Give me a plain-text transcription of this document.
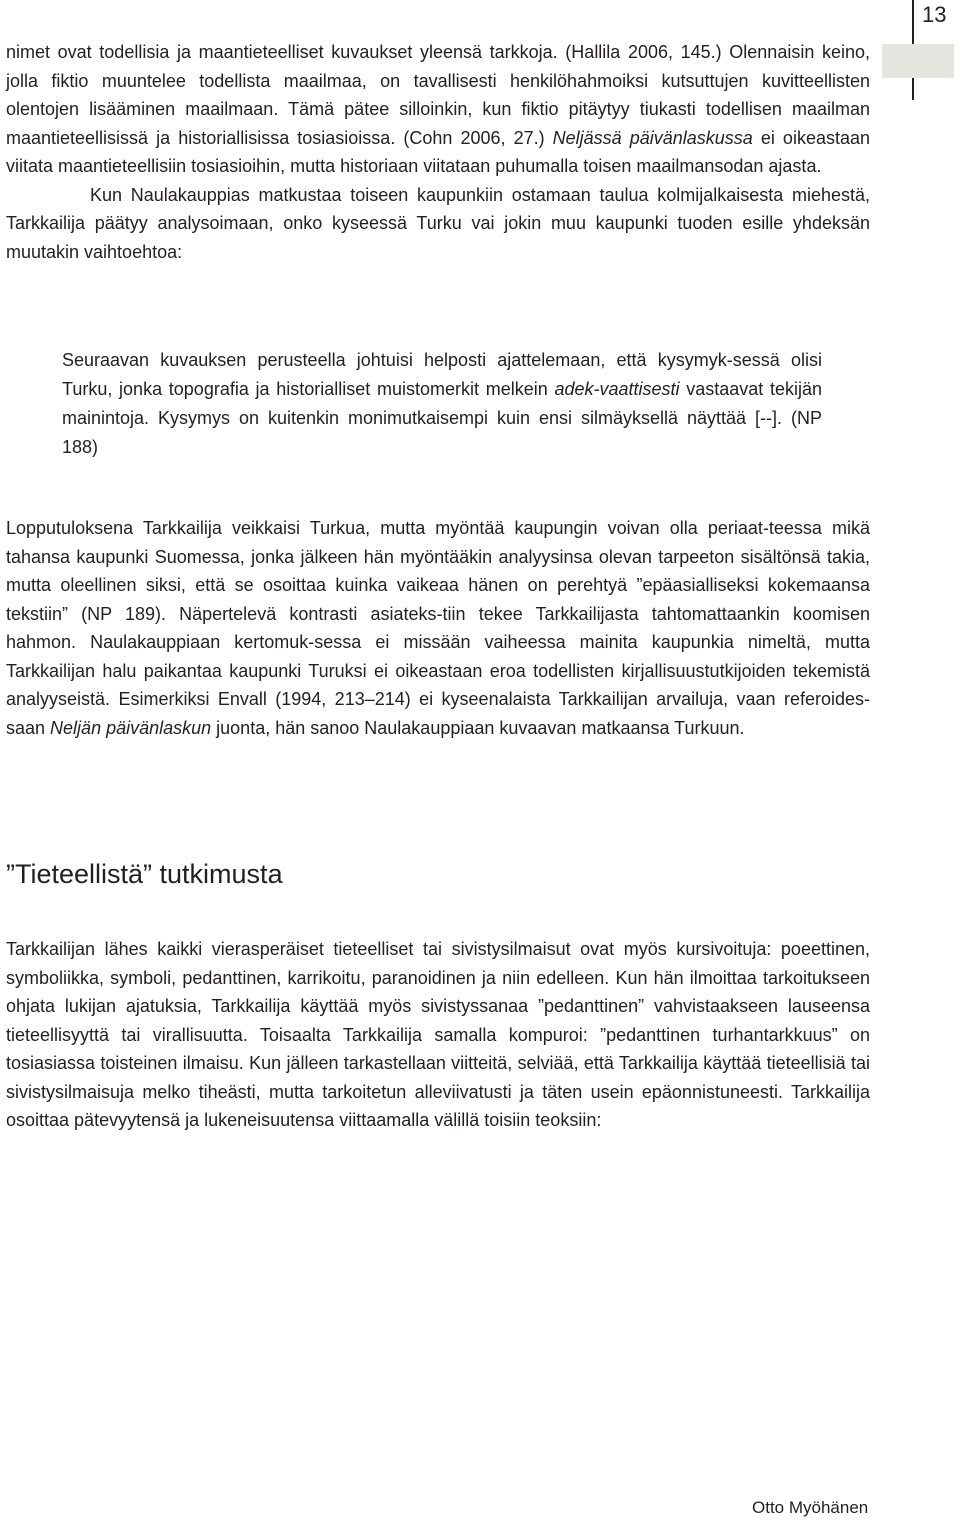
13

nimet ovat todellisia ja maantieteelliset kuvaukset yleensä tarkkoja. (Hallila 2006, 145.) Olennaisin keino, jolla fiktio muuntelee todellista maailmaa, on tavallisesti henkilöhahmoiksi kutsuttujen kuvitteellisten olentojen lisääminen maailmaan. Tämä pätee silloinkin, kun fiktio pitäytyy tiukasti todellisen maailman maantieteellisissä ja historiallisissa tosiasioissa. (Cohn 2006, 27.) Neljässä päivänlaskussa ei oikeastaan viitata maantieteellisiin tosiasioihin, mutta historiaan viitataan puhumalla toisen maailmansodan ajasta.

Kun Naulakauppias matkustaa toiseen kaupunkiin ostamaan taulua kolmijalkaisesta miehestä, Tarkkailija päätyy analysoimaan, onko kyseessä Turku vai jokin muu kaupunki tuoden esille yhdeksän muutakin vaihtoehtoa:

Seuraavan kuvauksen perusteella johtuisi helposti ajattelemaan, että kysymyk-sessä olisi Turku, jonka topografia ja historialliset muistomerkit melkein adek-vaattisesti vastaavat tekijän mainintoja. Kysymys on kuitenkin monimutkaisempi kuin ensi silmäyksellä näyttää [--]. (NP 188)

Lopputuloksena Tarkkailija veikkaisi Turkua, mutta myöntää kaupungin voivan olla periaat-teessa mikä tahansa kaupunki Suomessa, jonka jälkeen hän myöntääkin analyysinsa olevan tarpeeton sisältönsä takia, mutta oleellinen siksi, että se osoittaa kuinka vaikeaa hänen on perehtyä ”epäasialliseksi kokemaansa tekstiin” (NP 189). Näpertelevä kontrasti asiateks-tiin tekee Tarkkailijasta tahtomattaankin koomisen hahmon. Naulakauppiaan kertomuk-sessa ei missään vaiheessa mainita kaupunkia nimeltä, mutta Tarkkailijan halu paikantaa kaupunki Turuksi ei oikeastaan eroa todellisten kirjallisuustutkijoiden tekemistä analyyseistä. Esimerkiksi Envall (1994, 213–214) ei kyseenalaista Tarkkailijan arvailuja, vaan referoides-saan Neljän päivänlaskun juonta, hän sanoo Naulakauppiaan kuvaavan matkaansa Turkuun.

”Tieteellistä” tutkimusta

Tarkkailijan lähes kaikki vierasperäiset tieteelliset tai sivistysilmaisut ovat myös kursivoituja: poeettinen, symboliikka, symboli, pedanttinen, karrikoitu, paranoidinen ja niin edelleen. Kun hän ilmoittaa tarkoitukseen ohjata lukijan ajatuksia, Tarkkailija käyttää myös sivistyssanaa ”pedanttinen” vahvistaakseen lauseensa tieteellisyyttä tai virallisuutta. Toisaalta Tarkkailija samalla kompuroi: ”pedanttinen turhantarkkuus” on tosiasiassa toisteinen ilmaisu. Kun jälleen tarkastellaan viitteitä, selviää, että Tarkkailija käyttää tieteellisiä tai sivistysilmaisuja melko tiheästi, mutta tarkoitetun alleviivatusti ja täten usein epäonnistuneesti. Tarkkailija osoittaa pätevyytensä ja lukeneisuutensa viittaamalla välillä toisiin teoksiin:

Otto Myöhänen
